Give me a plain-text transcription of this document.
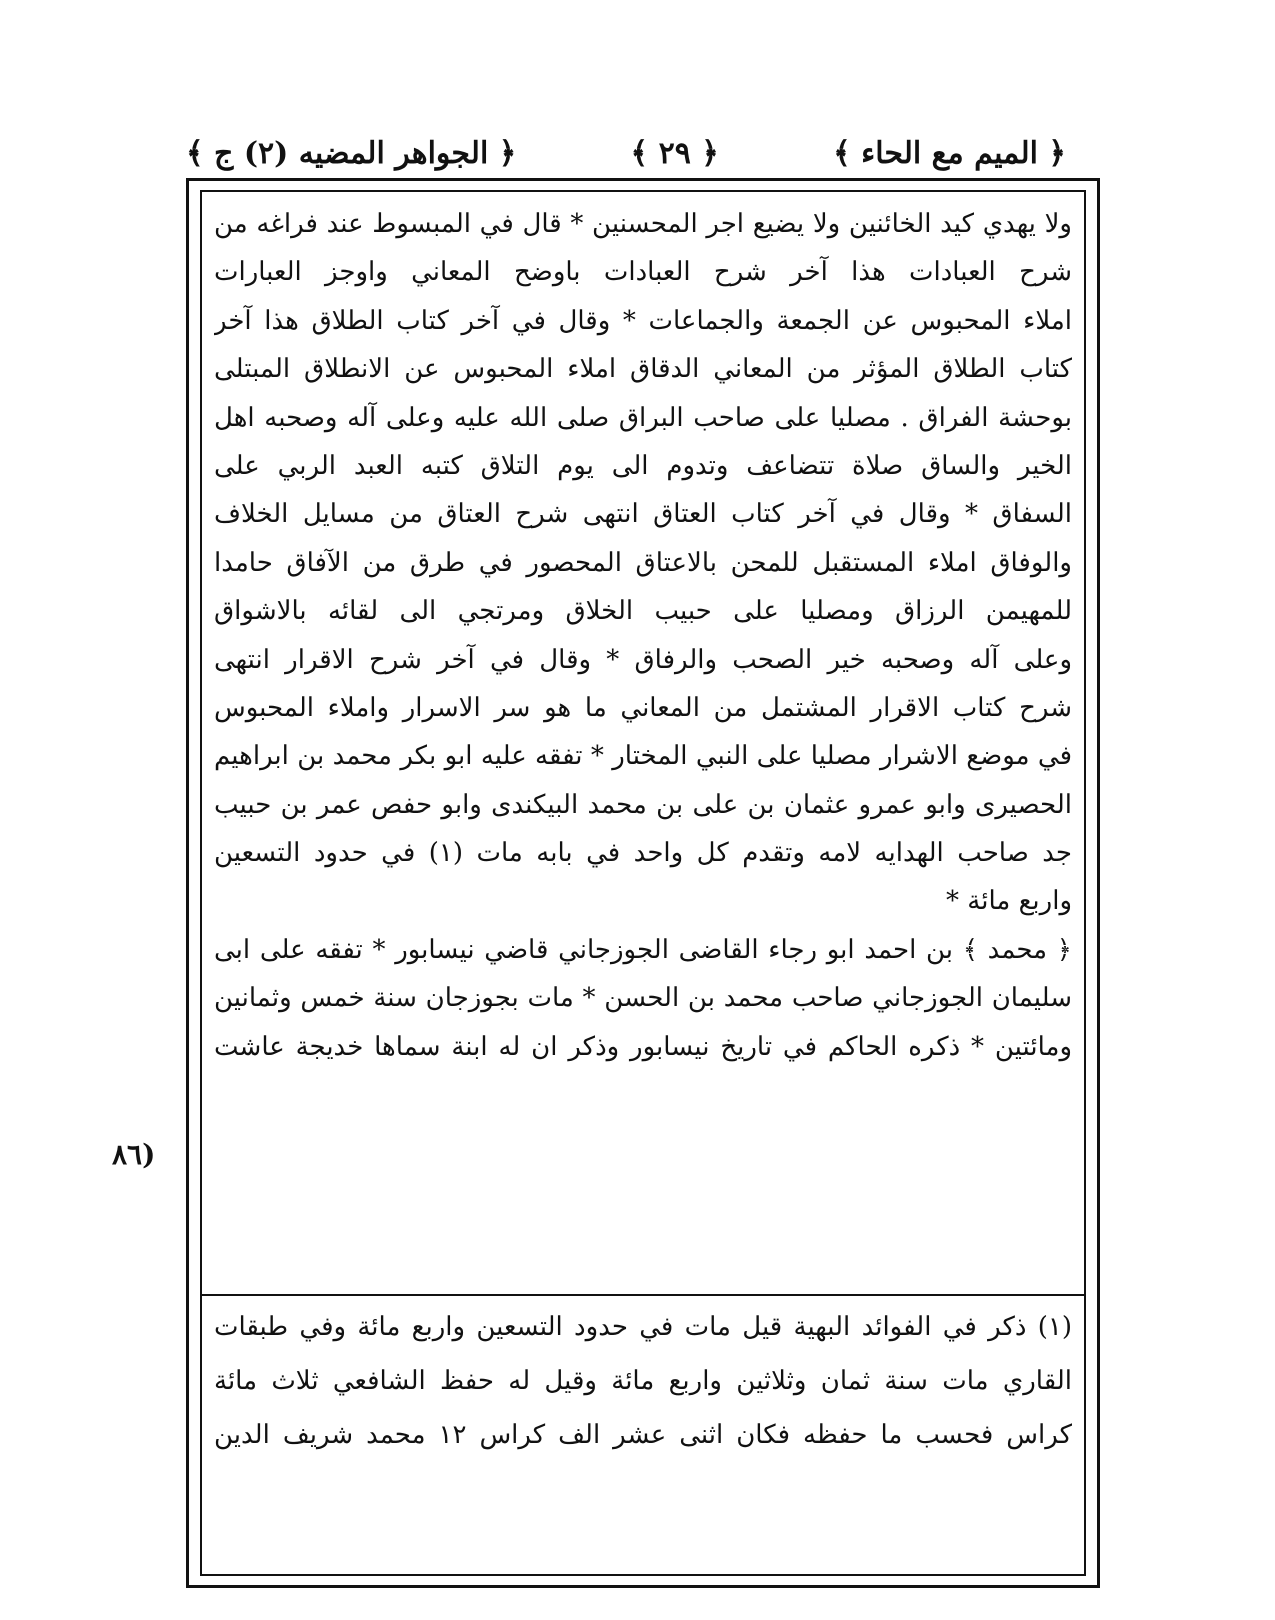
﴿ الميم مع الحاء ﴾
﴿ ٢٩ ﴾
﴿ الجواهر المضيه (٢) ج ﴾
ولا يهدي كيد الخائنين ولا يضيع اجر المحسنين * قال في المبسوط عند فراغه من
شرح العبادات هذا آخر شرح العبادات باوضح المعاني واوجز العبارات
املاء المحبوس عن الجمعة والجماعات * وقال في آخر كتاب الطلاق هذا آخر
كتاب الطلاق المؤثر من المعاني الدقاق املاء المحبوس عن الانطلاق المبتلى
بوحشة الفراق . مصليا على صاحب البراق صلى الله عليه وعلى آله وصحبه اهل
الخير والساق صلاة تتضاعف وتدوم الى يوم التلاق كتبه العبد الربي على
السفاق * وقال في آخر كتاب العتاق انتهى شرح العتاق من مسايل الخلاف
والوفاق املاء المستقبل للمحن بالاعتاق المحصور في طرق من الآفاق حامدا
للمهيمن الرزاق ومصليا على حبيب الخلاق ومرتجي الى لقائه بالاشواق
وعلى آله وصحبه خير الصحب والرفاق * وقال في آخر شرح الاقرار انتهى
شرح كتاب الاقرار المشتمل من المعاني ما هو سر الاسرار واملاء المحبوس
في موضع الاشرار مصليا على النبي المختار * تفقه عليه ابو بكر محمد بن ابراهيم
الحصيرى وابو عمرو عثمان بن على بن محمد البيكندى وابو حفص عمر بن حبيب
جد صاحب الهدايه لامه وتقدم كل واحد في بابه مات (١) في حدود التسعين
واربع مائة *
﴿ محمد ﴾ بن احمد ابو رجاء القاضى الجوزجاني قاضي نيسابور * تفقه على ابى
سليمان الجوزجاني صاحب محمد بن الحسن * مات بجوزجان سنة خمس وثمانين
ومائتين * ذكره الحاكم في تاريخ نيسابور وذكر ان له ابنة سماها خديجة عاشت
(٨٦
(١) ذكر في الفوائد البهية قيل مات في حدود التسعين واربع مائة وفي طبقات
القاري مات سنة ثمان وثلاثين واربع مائة وقيل له حفظ الشافعي ثلاث مائة
كراس فحسب ما حفظه فكان اثنى عشر الف كراس ١٢ محمد شريف الدين
